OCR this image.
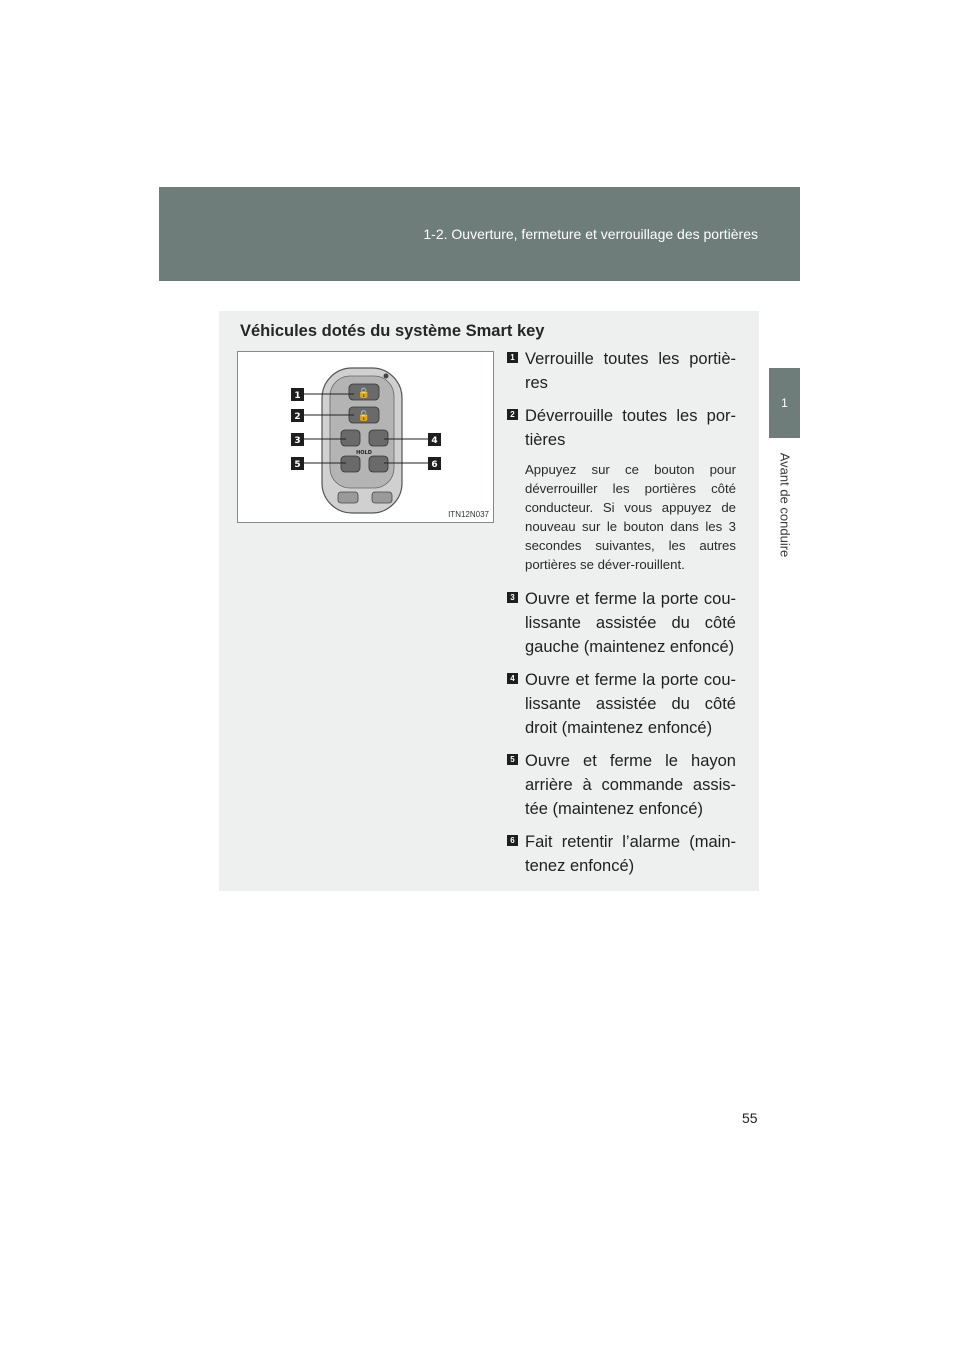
1-2. Ouverture, fermeture et verrouillage des portières
1
Avant de conduire
Véhicules dotés du système Smart key
🔒
🔓
HOLD
1
2
3	4
5	6
ITN12N037
1 Verrouille toutes les portiè-res
2 Déverrouille toutes les por-tières
Appuyez sur ce bouton pour déverrouiller les portières côté conducteur. Si vous appuyez de nouveau sur le bouton dans les 3 secondes suivantes, les autres portières se déver-rouillent.
3 Ouvre et ferme la porte cou-lissante assistée du côté gauche (maintenez enfoncé)
4 Ouvre et ferme la porte cou-lissante assistée du côté droit (maintenez enfoncé)
5 Ouvre et ferme le hayon arrière à commande assis-tée (maintenez enfoncé)
6 Fait retentir l’alarme (main-tenez enfoncé)
55
